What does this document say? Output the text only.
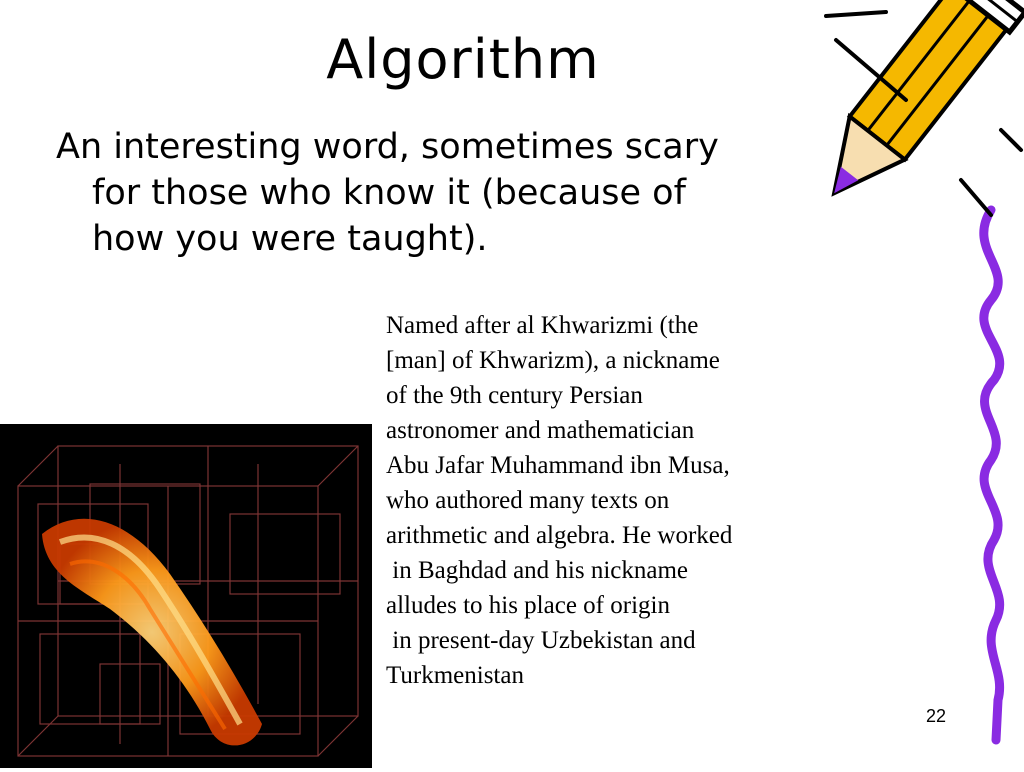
Algorithm
An interesting word, sometimes scary
for those who know it (because of
how you were taught).
Named after al Khwarizmi (the
[man] of Khwarizm), a nickname
of the 9th century Persian
astronomer and mathematician
Abu Jafar Muhammand ibn Musa,
who authored many texts on
arithmetic and algebra. He worked
in Baghdad and his nickname
alludes to his place of origin
in present-day Uzbekistan and
Turkmenistan
22
